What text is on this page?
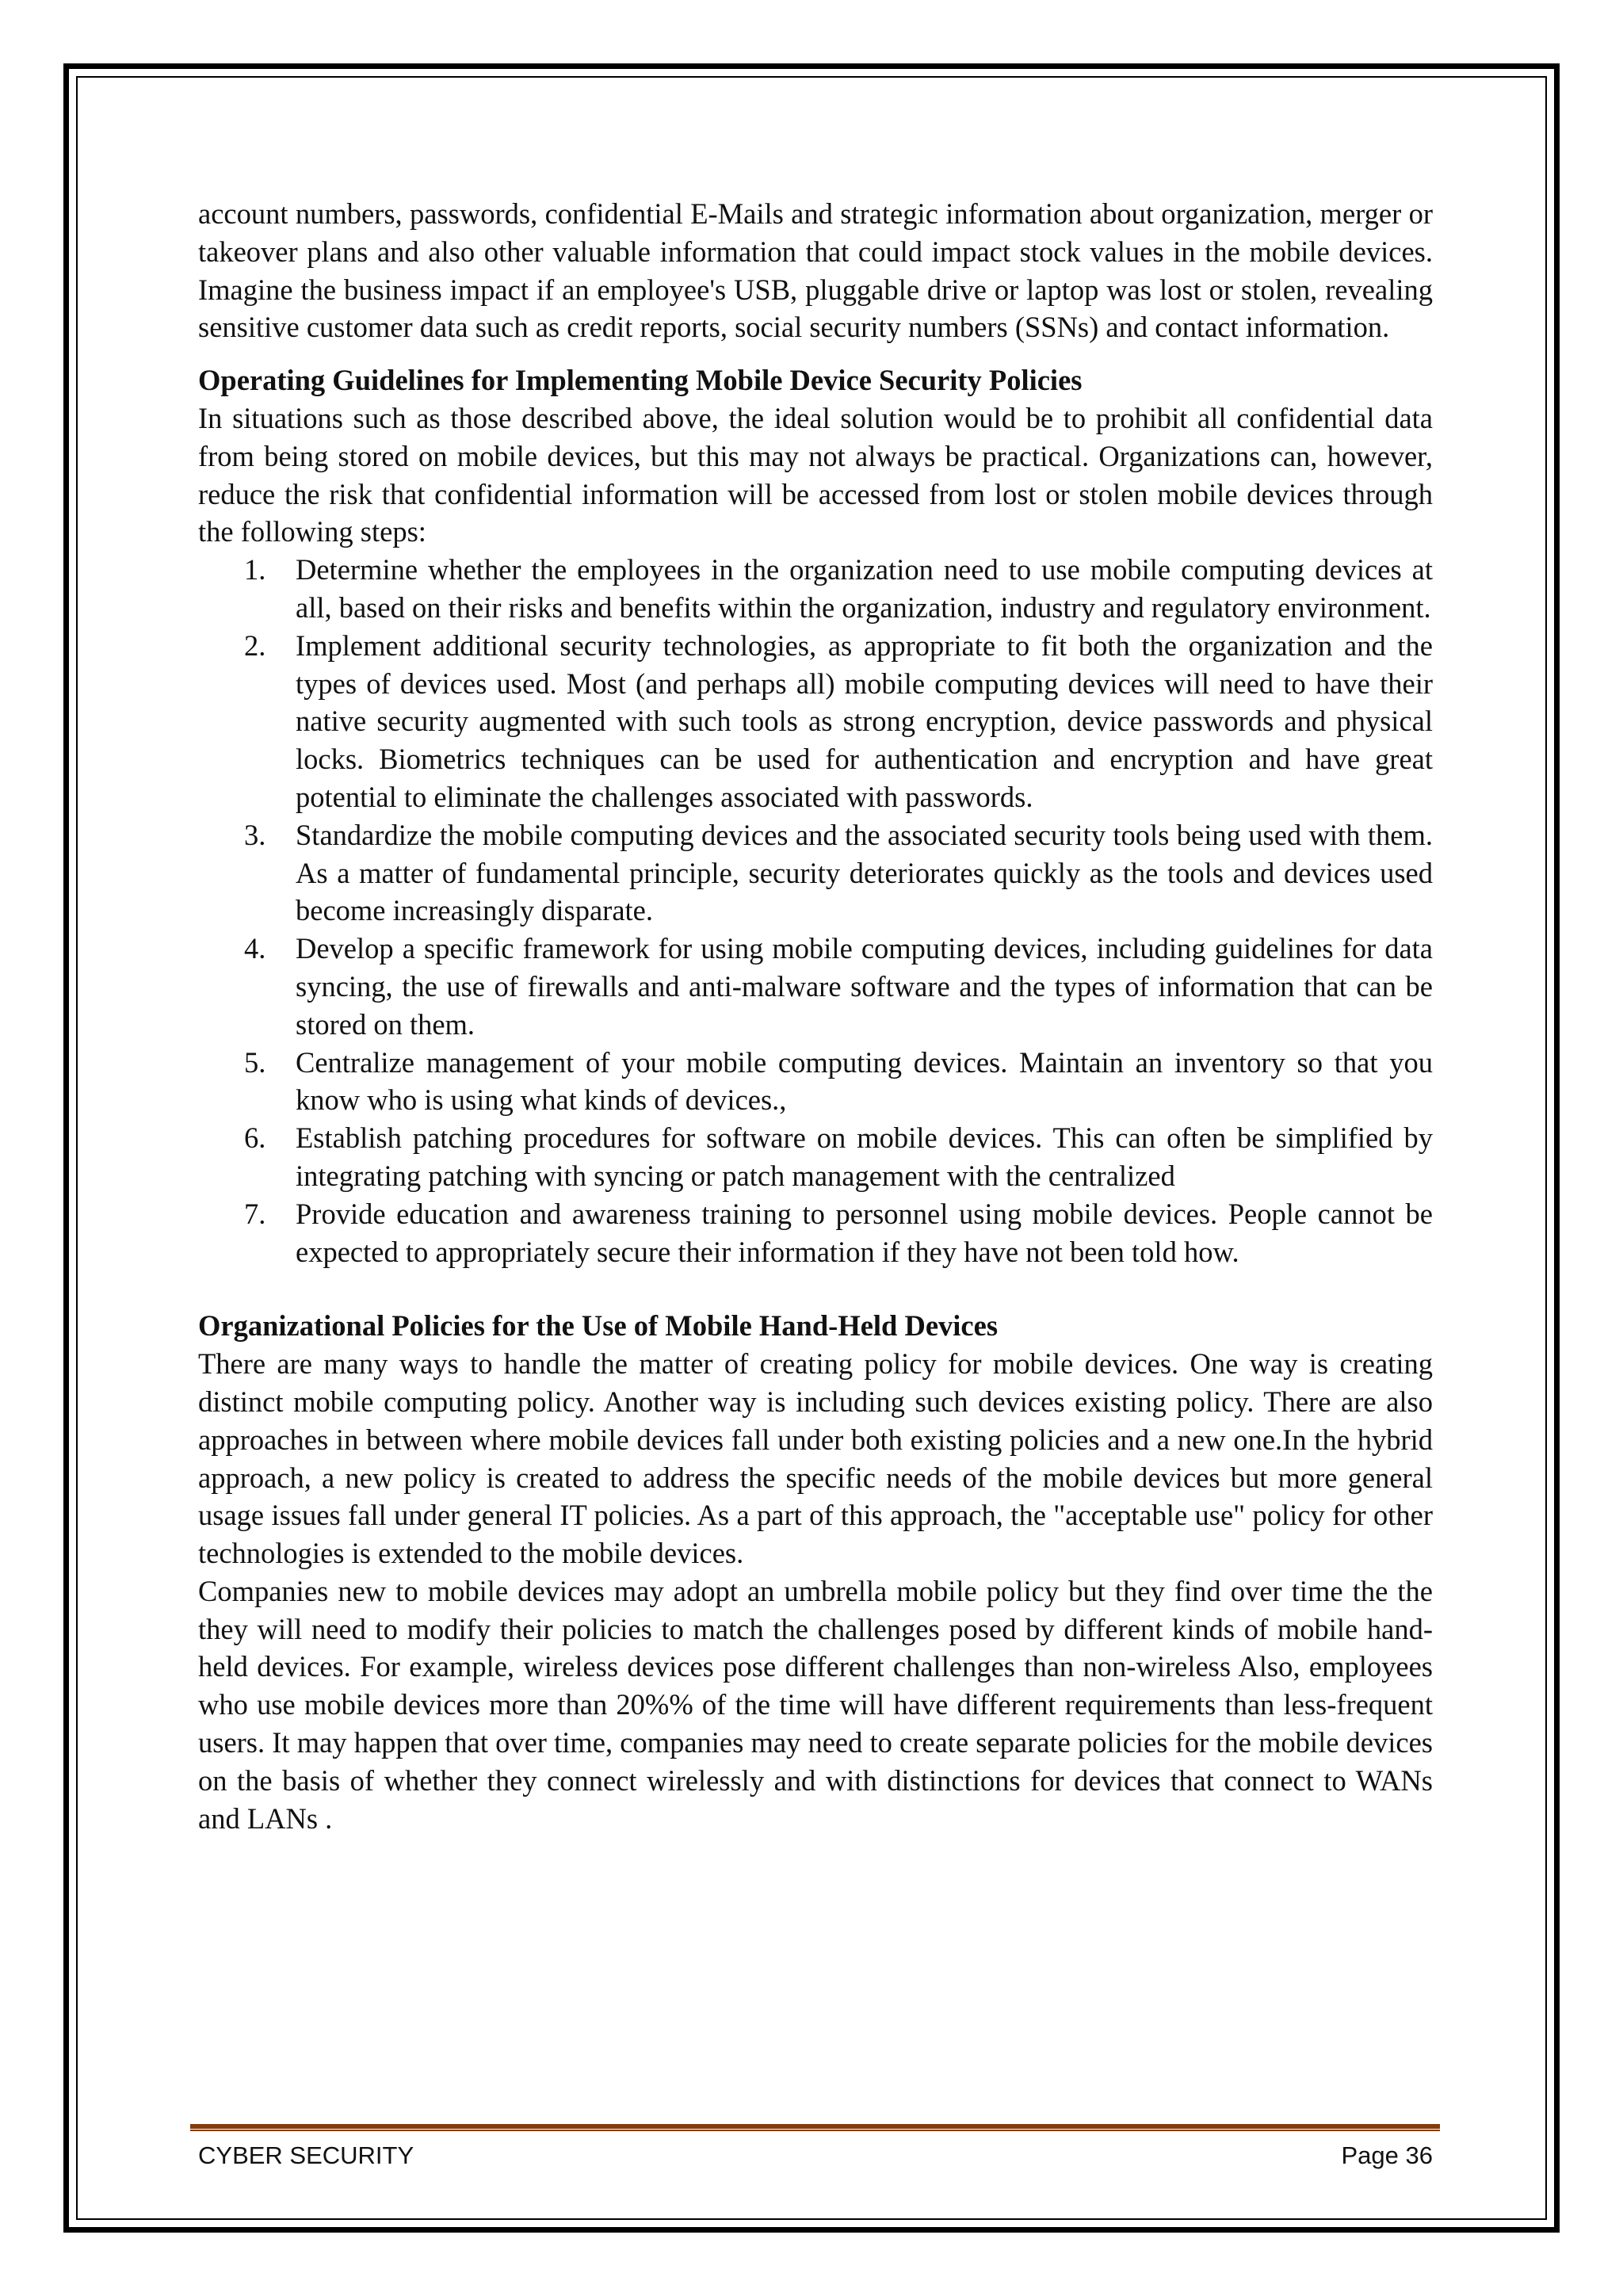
account numbers, passwords, confidential E-Mails and strategic information about organization, merger or takeover plans and also other valuable information that could impact stock values in the mobile devices. Imagine the business impact if an employee's USB, pluggable drive or laptop was lost or stolen, revealing sensitive customer data such as credit reports, social security numbers (SSNs) and contact information.

Operating Guidelines for Implementing Mobile Device Security Policies

In situations such as those described above, the ideal solution would be to prohibit all confidential data from being stored on mobile devices, but this may not always be practical. Organizations can, however, reduce the risk that confidential information will be accessed from lost or stolen mobile devices through the following steps:

1. Determine whether the employees in the organization need to use mobile computing devices at all, based on their risks and benefits within the organization, industry and regulatory environment.
2. Implement additional security technologies, as appropriate to fit both the organization and the types of devices used. Most (and perhaps all) mobile computing devices will need to have their native security augmented with such tools as strong encryption, device passwords and physical locks. Biometrics techniques can be used for authentication and encryption and have great potential to eliminate the challenges associated with passwords.
3. Standardize the mobile computing devices and the associated security tools being used with them. As a matter of fundamental principle, security deteriorates quickly as the tools and devices used become increasingly disparate.
4. Develop a specific framework for using mobile computing devices, including guidelines for data syncing, the use of firewalls and anti-malware software and the types of information that can be stored on them.
5. Centralize management of your mobile computing devices. Maintain an inventory so that you know who is using what kinds of devices.,
6. Establish patching procedures for software on mobile devices. This can often be simplified by integrating patching with syncing or patch management with the centralized
7. Provide education and awareness training to personnel using mobile devices. People cannot be expected to appropriately secure their information if they have not been told how.

Organizational Policies for the Use of Mobile Hand-Held Devices

There are many ways to handle the matter of creating policy for mobile devices. One way is creating distinct mobile computing policy. Another way is including such devices existing policy. There are also approaches in between where mobile devices fall under both existing policies and a new one.In the hybrid approach, a new policy is created to address the specific needs of the mobile devices but more general usage issues fall under general IT policies. As a part of this approach, the "acceptable use" policy for other technologies is extended to the mobile devices.

Companies new to mobile devices may adopt an umbrella mobile policy but they find over time the the they will need to modify their policies to match the challenges posed by different kinds of mobile hand-held devices. For example, wireless devices pose different challenges than non-wireless Also, employees who use mobile devices more than 20%% of the time will have different requirements than less-frequent users. It may happen that over time, companies may need to create separate policies for the mobile devices on the basis of whether they connect wirelessly and with distinctions for devices that connect to WANs and LANs .

CYBER SECURITY	Page 36
